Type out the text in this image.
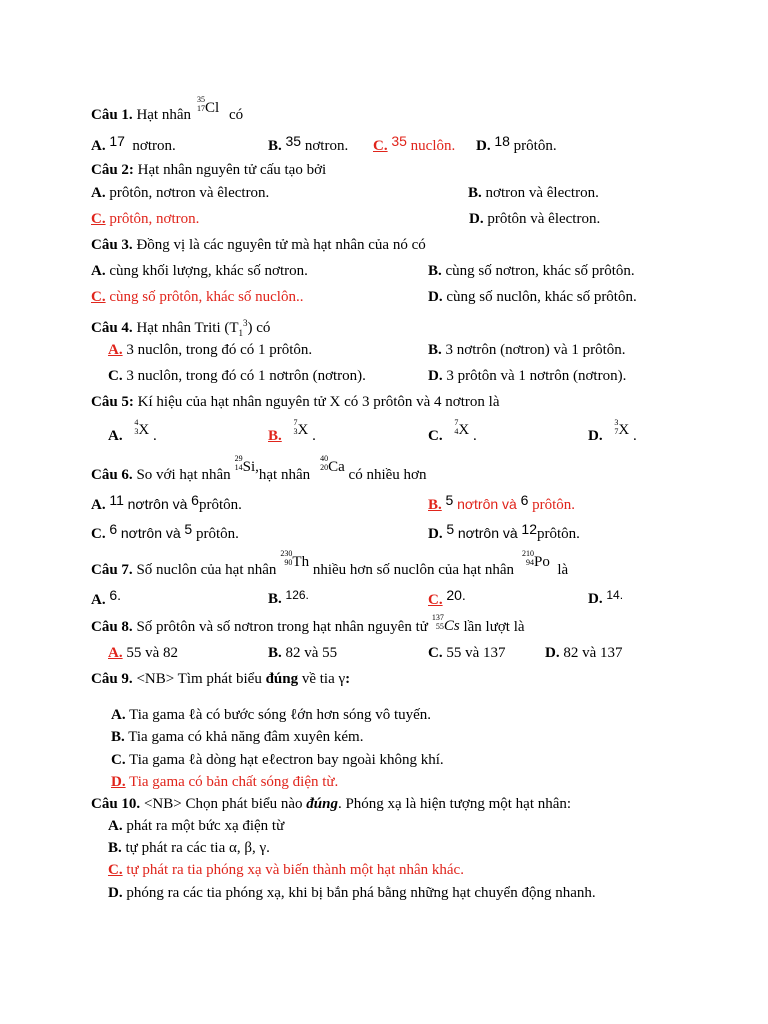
Câu 1. Hạt nhân
35
17 Cl có
A. 17 nơtron.	B. 35 nơtron. C. 35 nuclôn. D. 18 prôtôn.
Câu 2: Hạt nhân nguyên tử cấu tạo bởi
A. prôtôn, nơtron và êlectron.	B. nơtron và êlectron.
C. prôtôn, nơtron.	D. prôtôn và êlectron.
Câu 3. Đồng vị là các nguyên tử mà hạt nhân của nó có
A. cùng khối lượng, khác số nơtron.	B. cùng số nơtron, khác số prôtôn.
C. cùng số prôtôn, khác số nuclôn..	D. cùng số nuclôn, khác số prôtôn.
Câu 4. Hạt nhân Triti $(T_1^3)$ có
A. 3 nuclôn, trong đó có 1 prôtôn.	B. 3 nơtrôn (nơtron) và 1 prôtôn.
C. 3 nuclôn, trong đó có 1 nơtrôn (nơtron).	D. 3 prôtôn và 1 nơtrôn (nơtron).
Câu 5: Kí hiệu của hạt nhân nguyên tử X có 3 prôtôn và 4 nơtron là
A.
4
3 X .	B.
7
3 X .	C.
7
4 X .	D.
3
7 X .
Câu 6. So với hạt nhân
29
14 Si,hạt nhân
40
20 Ca có nhiều hơn
A. 11 nơtrôn và 6prôtôn.	B. 5 nơtrôn và 6 prôtôn.
C. 6 nơtrôn và 5 prôtôn.	D. 5 nơtrôn và 12prôtôn.
Câu 7. Số nuclôn của hạt nhân
230
90 Th nhiều hơn số nuclôn của hạt nhân
210
94 Po là
A. 6.	B. $^{126.}$	C. 20.	D. $^{14.}$
Câu 8. Số prôtôn và số nơtron trong hạt nhân nguyên tử
137
55 Cs lần lượt là
A. 55 và 82	B. 82 và 55	C. 55 và 137	D. 82 và 137
Câu 9. <NB> Tìm phát biểu đúng về tia γ:
A. Tia gama ℓà có bước sóng ℓớn hơn sóng vô tuyến.
B. Tia gama có khả năng đâm xuyên kém.
C. Tia gama ℓà dòng hạt eℓectron bay ngoài không khí.
D. Tia gama có bản chất sóng điện từ.
Câu 10. <NB> Chọn phát biểu nào đúng. Phóng xạ là hiện tượng một hạt nhân:
A. phát ra một bức xạ điện từ
B. tự phát ra các tia α, β, γ.
C. tự phát ra tia phóng xạ và biến thành một hạt nhân khác.
D. phóng ra các tia phóng xạ, khi bị bắn phá bằng những hạt chuyển động nhanh.
